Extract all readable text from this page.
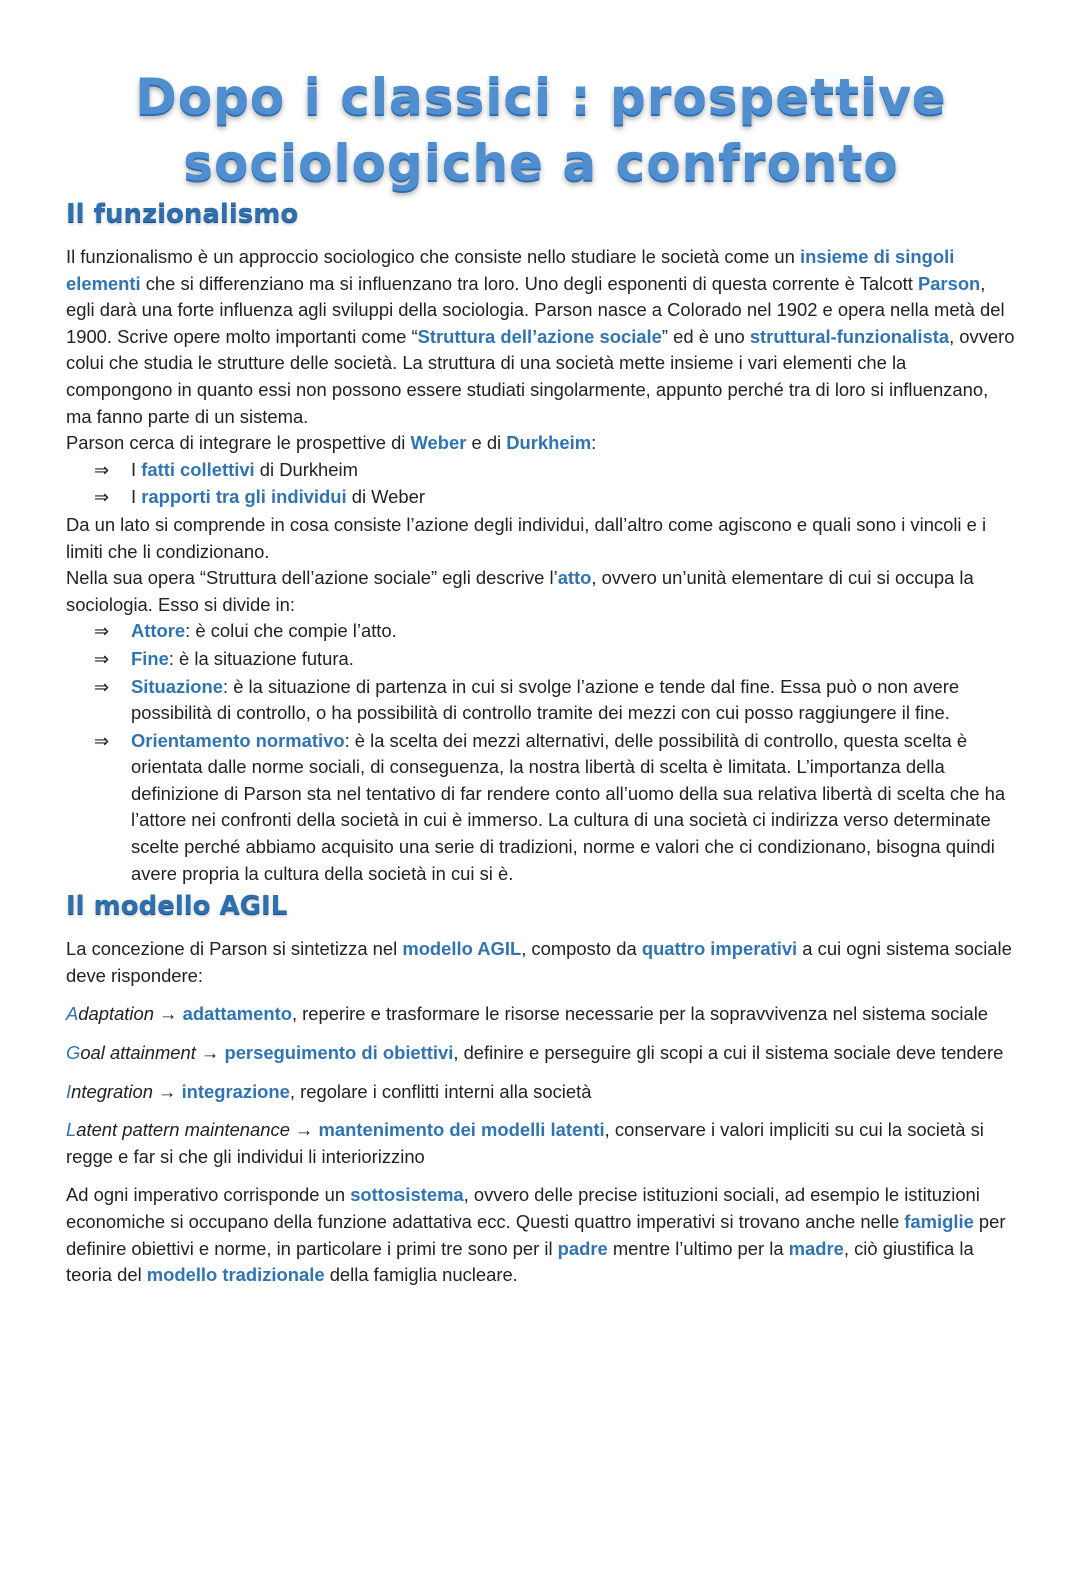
Dopo i classici : prospettive
sociologiche a confronto
Il funzionalismo

Il funzionalismo è un approccio sociologico che consiste nello studiare le società come un insieme di singoli elementi che si differenziano ma si influenzano tra loro. Uno degli esponenti di questa corrente è Talcott Parson, egli darà una forte influenza agli sviluppi della sociologia. Parson nasce a Colorado nel 1902 e opera nella metà del 1900. Scrive opere molto importanti come “Struttura dell’azione sociale” ed è uno struttural-funzionalista, ovvero colui che studia le strutture delle società. La struttura di una società mette insieme i vari elementi che la compongono in quanto essi non possono essere studiati singolarmente, appunto perché tra di loro si influenzano, ma fanno parte di un sistema.

Parson cerca di integrare le prospettive di Weber e di Durkheim:

⇒ I fatti collettivi di Durkheim
⇒ I rapporti tra gli individui di Weber

Da un lato si comprende in cosa consiste l’azione degli individui, dall’altro come agiscono e quali sono i vincoli e i limiti che li condizionano.

Nella sua opera “Struttura dell’azione sociale” egli descrive l’atto, ovvero un’unità elementare di cui si occupa la sociologia. Esso si divide in:

⇒ Attore: è colui che compie l’atto.
⇒ Fine: è la situazione futura.
⇒ Situazione: è la situazione di partenza in cui si svolge l’azione e tende dal fine. Essa può o non avere possibilità di controllo, o ha possibilità di controllo tramite dei mezzi con cui posso raggiungere il fine.
⇒ Orientamento normativo: è la scelta dei mezzi alternativi, delle possibilità di controllo, questa scelta è orientata dalle norme sociali, di conseguenza, la nostra libertà di scelta è limitata. L’importanza della definizione di Parson sta nel tentativo di far rendere conto all’uomo della sua relativa libertà di scelta che ha l’attore nei confronti della società in cui è immerso. La cultura di una società ci indirizza verso determinate scelte perché abbiamo acquisito una serie di tradizioni, norme e valori che ci condizionano, bisogna quindi avere propria la cultura della società in cui si è.
Il modello AGIL

La concezione di Parson si sintetizza nel modello AGIL, composto da quattro imperativi a cui ogni sistema sociale deve rispondere:

Adaptation → adattamento, reperire e trasformare le risorse necessarie per la sopravvivenza nel sistema sociale

Goal attainment → perseguimento di obiettivi, definire e perseguire gli scopi a cui il sistema sociale deve tendere

Integration → integrazione, regolare i conflitti interni alla società

Latent pattern maintenance → mantenimento dei modelli latenti, conservare i valori impliciti su cui la società si regge e far si che gli individui li interiorizzino

Ad ogni imperativo corrisponde un sottosistema, ovvero delle precise istituzioni sociali, ad esempio le istituzioni economiche si occupano della funzione adattativa ecc. Questi quattro imperativi si trovano anche nelle famiglie per definire obiettivi e norme, in particolare i primi tre sono per il padre mentre l’ultimo per la madre, ciò giustifica la teoria del modello tradizionale della famiglia nucleare.
